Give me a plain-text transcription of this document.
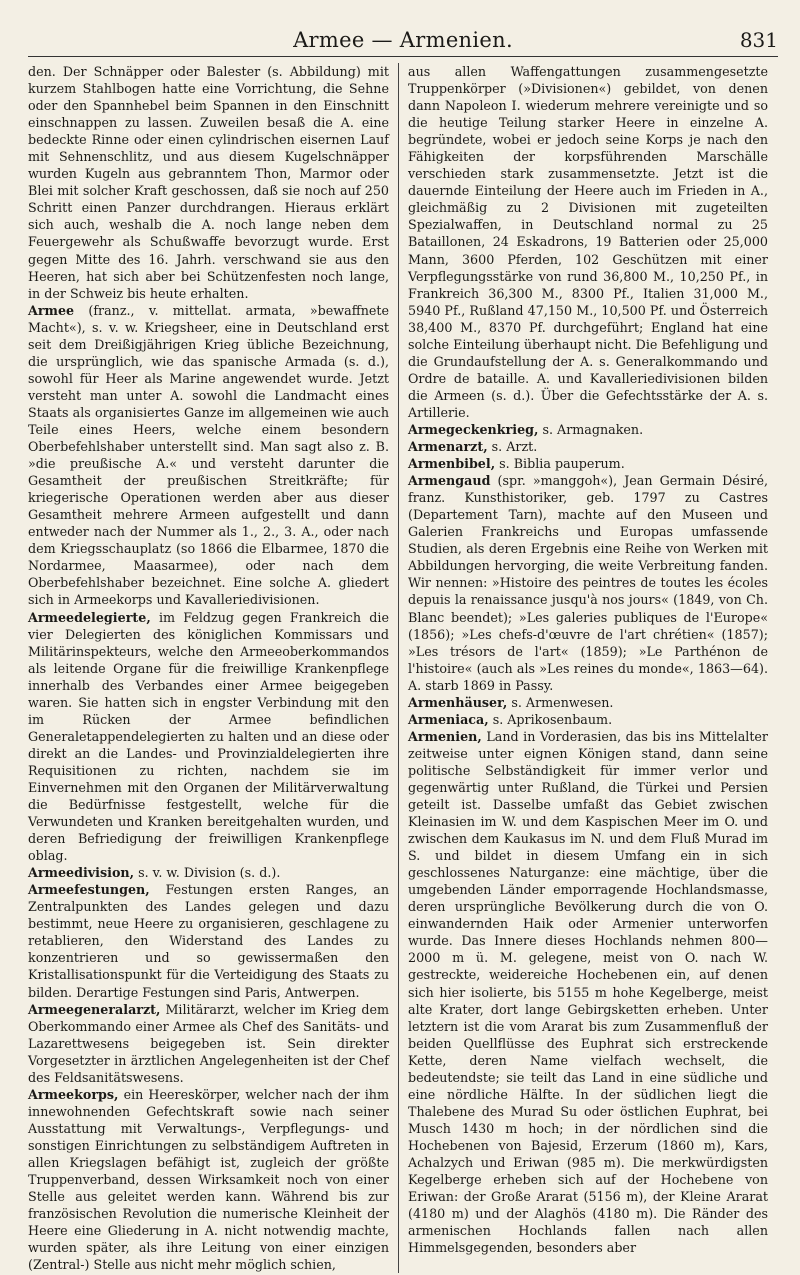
Armee — Armenien.	831

den. Der Schnäpper oder Balester (s. Abbildung) mit kurzem Stahlbogen hatte eine Vorrichtung, die Sehne oder den Spannhebel beim Spannen in den Einschnitt einschnappen zu lassen. Zuweilen besaß die A. eine bedeckte Rinne oder einen cylindrischen eisernen Lauf mit Sehnenschlitz, und aus diesem Kugelschnäpper wurden Kugeln aus gebranntem Thon, Marmor oder Blei mit solcher Kraft geschossen, daß sie noch auf 250 Schritt einen Panzer durchdrangen. Hieraus erklärt sich auch, weshalb die A. noch lange neben dem Feuergewehr als Schußwaffe bevorzugt wurde. Erst gegen Mitte des 16. Jahrh. verschwand sie aus den Heeren, hat sich aber bei Schützenfesten noch lange, in der Schweiz bis heute erhalten.

Armee (franz., v. mittellat. armata, »bewaffnete Macht«), s. v. w. Kriegsheer, eine in Deutschland erst seit dem Dreißigjährigen Krieg übliche Bezeichnung, die ursprünglich, wie das spanische Armada (s. d.), sowohl für Heer als Marine angewendet wurde. Jetzt versteht man unter A. sowohl die Landmacht eines Staats als organisiertes Ganze im allgemeinen wie auch Teile eines Heers, welche einem besondern Oberbefehlshaber unterstellt sind. Man sagt also z. B. »die preußische A.« und versteht darunter die Gesamtheit der preußischen Streitkräfte; für kriegerische Operationen werden aber aus dieser Gesamtheit mehrere Armeen aufgestellt und dann entweder nach der Nummer als 1., 2., 3. A., oder nach dem Kriegsschauplatz (so 1866 die Elbarmee, 1870 die Nordarmee, Maasarmee), oder nach dem Oberbefehlshaber bezeichnet. Eine solche A. gliedert sich in Armeekorps und Kavalleriedivisionen.

Armeedelegierte, im Feldzug gegen Frankreich die vier Delegierten des königlichen Kommissars und Militärinspekteurs, welche den Armeeoberkommandos als leitende Organe für die freiwillige Krankenpflege innerhalb des Verbandes einer Armee beigegeben waren. Sie hatten sich in engster Verbindung mit den im Rücken der Armee befindlichen Generaletappendelegierten zu halten und an diese oder direkt an die Landes- und Provinzialdelegierten ihre Requisitionen zu richten, nachdem sie im Einvernehmen mit den Organen der Militärverwaltung die Bedürfnisse festgestellt, welche für die Verwundeten und Kranken bereitgehalten wurden, und deren Befriedigung der freiwilligen Krankenpflege oblag.

Armeedivision, s. v. w. Division (s. d.).

Armeefestungen, Festungen ersten Ranges, an Zentralpunkten des Landes gelegen und dazu bestimmt, neue Heere zu organisieren, geschlagene zu retablieren, den Widerstand des Landes zu konzentrieren und so gewissermaßen den Kristallisationspunkt für die Verteidigung des Staats zu bilden. Derartige Festungen sind Paris, Antwerpen.

Armeegeneralarzt, Militärarzt, welcher im Krieg dem Oberkommando einer Armee als Chef des Sanitäts- und Lazarettwesens beigegeben ist. Sein direkter Vorgesetzter in ärztlichen Angelegenheiten ist der Chef des Feldsanitätswesens.

Armeekorps, ein Heereskörper, welcher nach der ihm innewohnenden Gefechtskraft sowie nach seiner Ausstattung mit Verwaltungs-, Verpflegungs- und sonstigen Einrichtungen zu selbständigem Auftreten in allen Kriegslagen befähigt ist, zugleich der größte Truppenverband, dessen Wirksamkeit noch von einer Stelle aus geleitet werden kann. Während bis zur französischen Revolution die numerische Kleinheit der Heere eine Gliederung in A. nicht notwendig machte, wurden später, als ihre Leitung von einer einzigen (Zentral-) Stelle aus nicht mehr möglich schien,

aus allen Waffengattungen zusammengesetzte Truppenkörper (»Divisionen«) gebildet, von denen dann Napoleon I. wiederum mehrere vereinigte und so die heutige Teilung starker Heere in einzelne A. begründete, wobei er jedoch seine Korps je nach den Fähigkeiten der korpsführenden Marschälle verschieden stark zusammensetzte. Jetzt ist die dauernde Einteilung der Heere auch im Frieden in A., gleichmäßig zu 2 Divisionen mit zugeteilten Spezialwaffen, in Deutschland normal zu 25 Bataillonen, 24 Eskadrons, 19 Batterien oder 25,000 Mann, 3600 Pferden, 102 Geschützen mit einer Verpflegungsstärke von rund 36,800 M., 10,250 Pf., in Frankreich 36,300 M., 8300 Pf., Italien 31,000 M., 5940 Pf., Rußland 47,150 M., 10,500 Pf. und Österreich 38,400 M., 8370 Pf. durchgeführt; England hat eine solche Einteilung überhaupt nicht. Die Befehligung und die Grundaufstellung der A. s. Generalkommando und Ordre de bataille. A. und Kavalleriedivisionen bilden die Armeen (s. d.). Über die Gefechtsstärke der A. s. Artillerie.

Armegeckenkrieg, s. Armagnaken.

Armenarzt, s. Arzt.

Armenbibel, s. Biblia pauperum.

Armengaud (spr. »manggoh«), Jean Germain Désiré, franz. Kunsthistoriker, geb. 1797 zu Castres (Departement Tarn), machte auf den Museen und Galerien Frankreichs und Europas umfassende Studien, als deren Ergebnis eine Reihe von Werken mit Abbildungen hervorging, die weite Verbreitung fanden. Wir nennen: »Histoire des peintres de toutes les écoles depuis la renaissance jusqu'à nos jours« (1849, von Ch. Blanc beendet); »Les galeries publiques de l'Europe« (1856); »Les chefs-d'œuvre de l'art chrétien« (1857); »Les trésors de l'art« (1859); »Le Parthénon de l'histoire« (auch als »Les reines du monde«, 1863—64). A. starb 1869 in Passy.

Armenhäuser, s. Armenwesen.

Armeniaca, s. Aprikosenbaum.

Armenien, Land in Vorderasien, das bis ins Mittelalter zeitweise unter eignen Königen stand, dann seine politische Selbständigkeit für immer verlor und gegenwärtig unter Rußland, die Türkei und Persien geteilt ist. Dasselbe umfaßt das Gebiet zwischen Kleinasien im W. und dem Kaspischen Meer im O. und zwischen dem Kaukasus im N. und dem Fluß Murad im S. und bildet in diesem Umfang ein in sich geschlossenes Naturganze: eine mächtige, über die umgebenden Länder emporragende Hochlandsmasse, deren ursprüngliche Bevölkerung durch die von O. einwandernden Haik oder Armenier unterworfen wurde. Das Innere dieses Hochlands nehmen 800—2000 m ü. M. gelegene, meist von O. nach W. gestreckte, weidereiche Hochebenen ein, auf denen sich hier isolierte, bis 5155 m hohe Kegelberge, meist alte Krater, dort lange Gebirgsketten erheben. Unter letztern ist die vom Ararat bis zum Zusammenfluß der beiden Quellflüsse des Euphrat sich erstreckende Kette, deren Name vielfach wechselt, die bedeutendste; sie teilt das Land in eine südliche und eine nördliche Hälfte. In der südlichen liegt die Thalebene des Murad Su oder östlichen Euphrat, bei Musch 1430 m hoch; in der nördlichen sind die Hochebenen von Bajesid, Erzerum (1860 m), Kars, Achalzych und Eriwan (985 m). Die merkwürdigsten Kegelberge erheben sich auf der Hochebene von Eriwan: der Große Ararat (5156 m), der Kleine Ararat (4180 m) und der Alaghös (4180 m). Die Ränder des armenischen Hochlands fallen nach allen Himmelsgegenden, besonders aber
